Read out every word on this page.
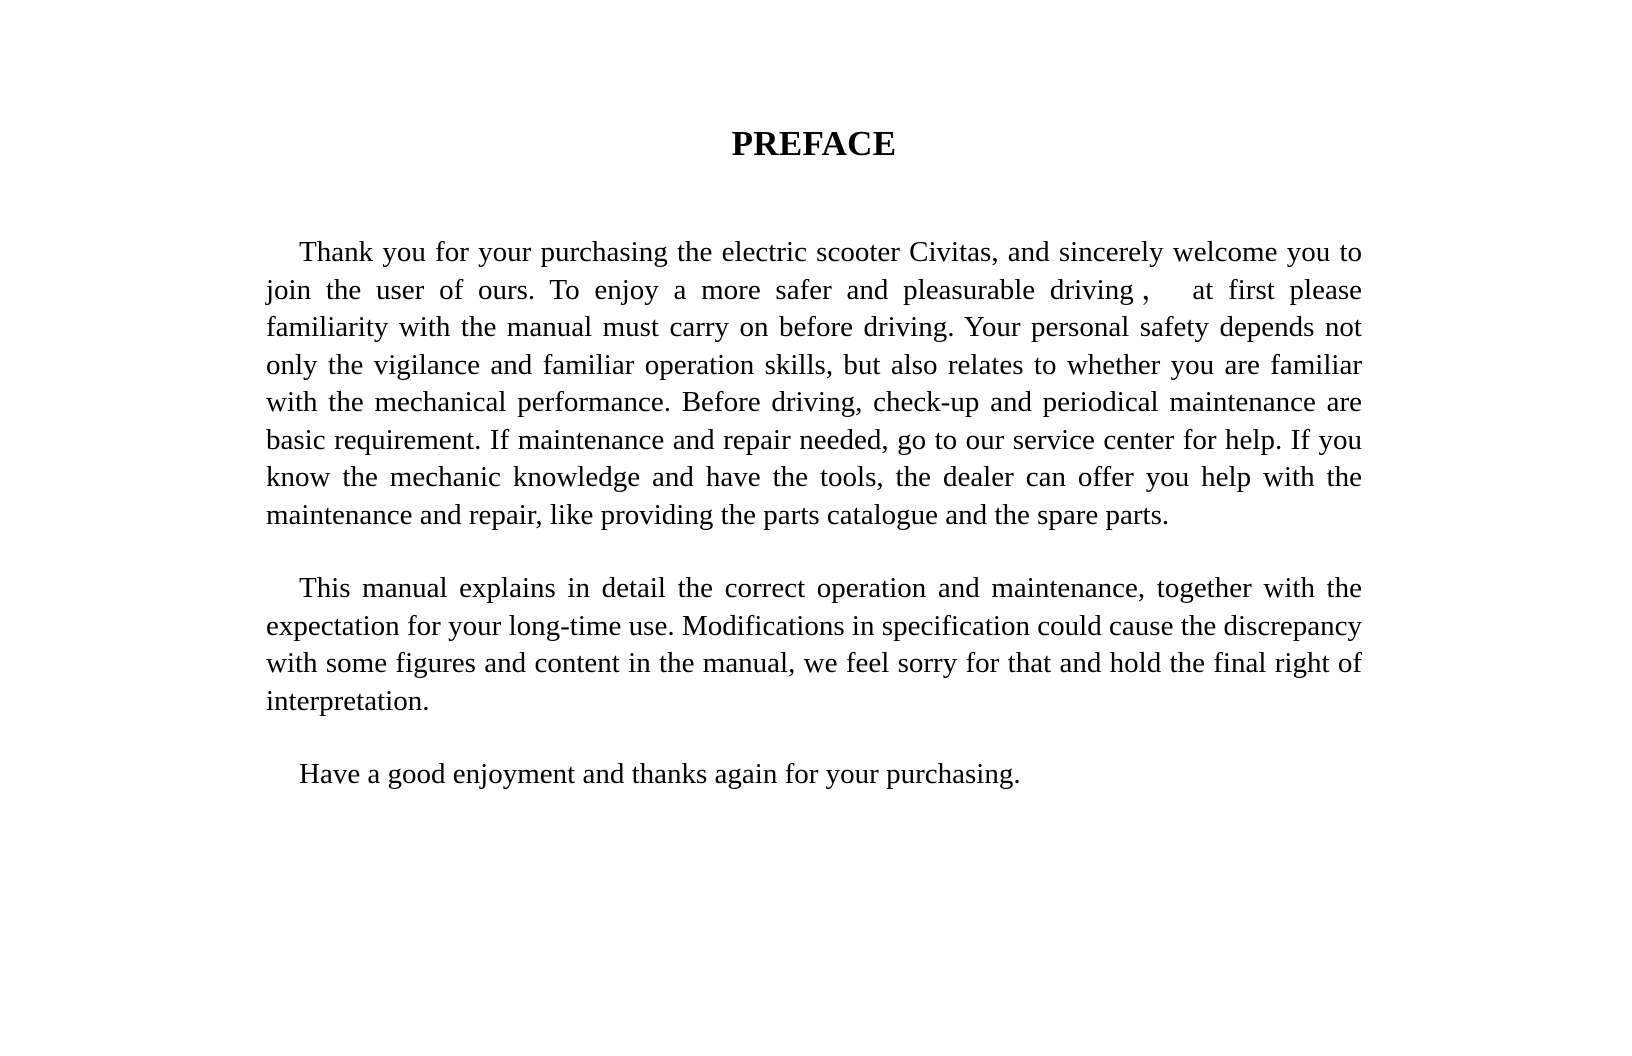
PREFACE

Thank you for your purchasing the electric scooter Civitas, and sincerely welcome you to join the user of ours. To enjoy a more safer and pleasurable driving， at first please familiarity with the manual must carry on before driving. Your personal safety depends not only the vigilance and familiar operation skills, but also relates to whether you are familiar with the mechanical performance. Before driving, check-up and periodical maintenance are basic requirement. If maintenance and repair needed, go to our service center for help. If you know the mechanic knowledge and have the tools, the dealer can offer you help with the maintenance and repair, like providing the parts catalogue and the spare parts.

This manual explains in detail the correct operation and maintenance, together with the expectation for your long-time use. Modifications in specification could cause the discrepancy with some figures and content in the manual, we feel sorry for that and hold the final right of interpretation.

Have a good enjoyment and thanks again for your purchasing.
